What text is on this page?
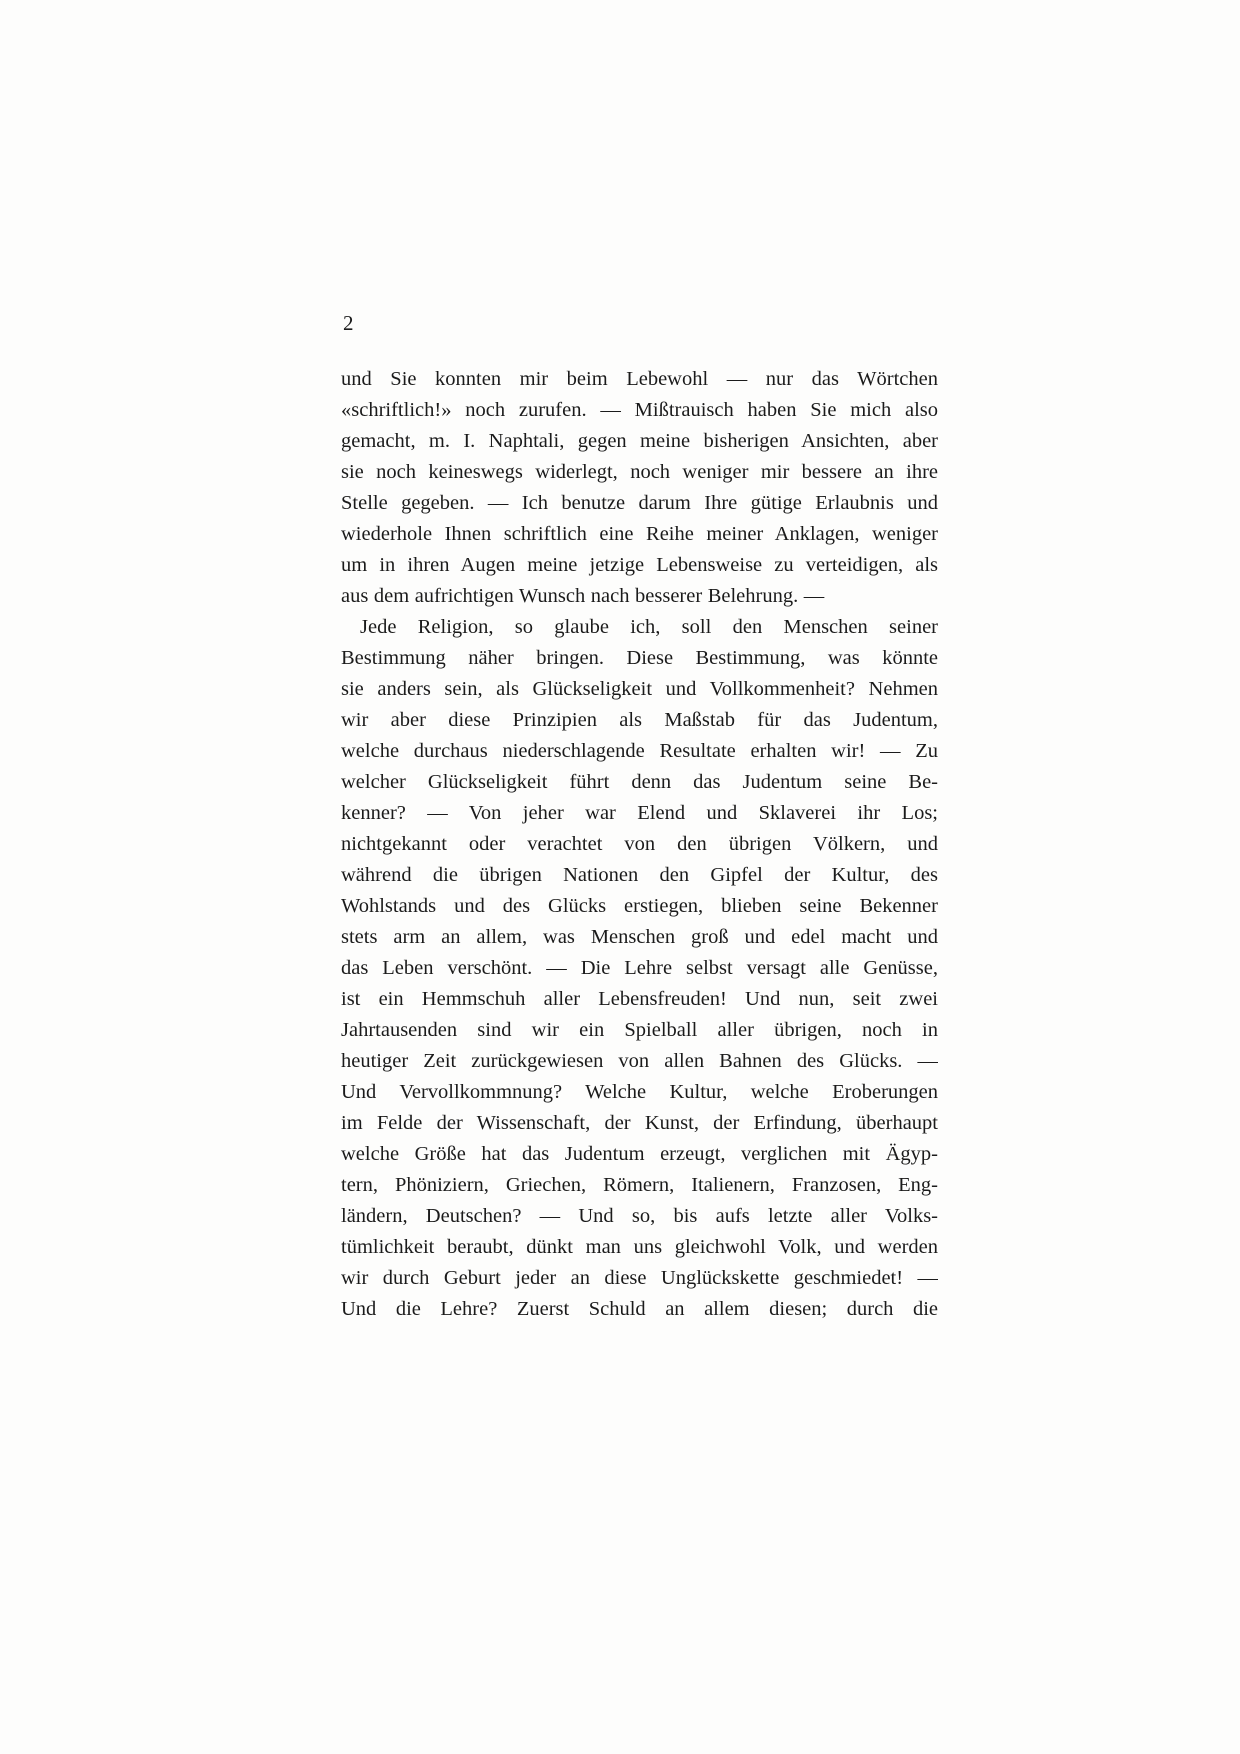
2
und Sie konnten mir beim Lebewohl — nur das Wörtchen
«schriftlich!» noch zurufen. — Mißtrauisch haben Sie mich also
gemacht, m. I. Naphtali, gegen meine bisherigen Ansichten, aber
sie noch keineswegs widerlegt, noch weniger mir bessere an ihre
Stelle gegeben. — Ich benutze darum Ihre gütige Erlaubnis und
wiederhole Ihnen schriftlich eine Reihe meiner Anklagen, weniger
um in ihren Augen meine jetzige Lebensweise zu verteidigen, als
aus dem aufrichtigen Wunsch nach besserer Belehrung. —
Jede Religion, so glaube ich, soll den Menschen seiner
Bestimmung näher bringen. Diese Bestimmung, was könnte
sie anders sein, als Glückseligkeit und Vollkommenheit? Nehmen
wir aber diese Prinzipien als Maßstab für das Judentum,
welche durchaus niederschlagende Resultate erhalten wir! — Zu
welcher Glückseligkeit führt denn das Judentum seine Be-
kenner? — Von jeher war Elend und Sklaverei ihr Los;
nichtgekannt oder verachtet von den übrigen Völkern, und
während die übrigen Nationen den Gipfel der Kultur, des
Wohlstands und des Glücks erstiegen, blieben seine Bekenner
stets arm an allem, was Menschen groß und edel macht und
das Leben verschönt. — Die Lehre selbst versagt alle Genüsse,
ist ein Hemmschuh aller Lebensfreuden! Und nun, seit zwei
Jahrtausenden sind wir ein Spielball aller übrigen, noch in
heutiger Zeit zurückgewiesen von allen Bahnen des Glücks. —
Und Vervollkommnung? Welche Kultur, welche Eroberungen
im Felde der Wissenschaft, der Kunst, der Erfindung, überhaupt
welche Größe hat das Judentum erzeugt, verglichen mit Ägyp-
tern, Phöniziern, Griechen, Römern, Italienern, Franzosen, Eng-
ländern, Deutschen? — Und so, bis aufs letzte aller Volks-
tümlichkeit beraubt, dünkt man uns gleichwohl Volk, und werden
wir durch Geburt jeder an diese Unglückskette geschmiedet! —
Und die Lehre? Zuerst Schuld an allem diesen; durch die
